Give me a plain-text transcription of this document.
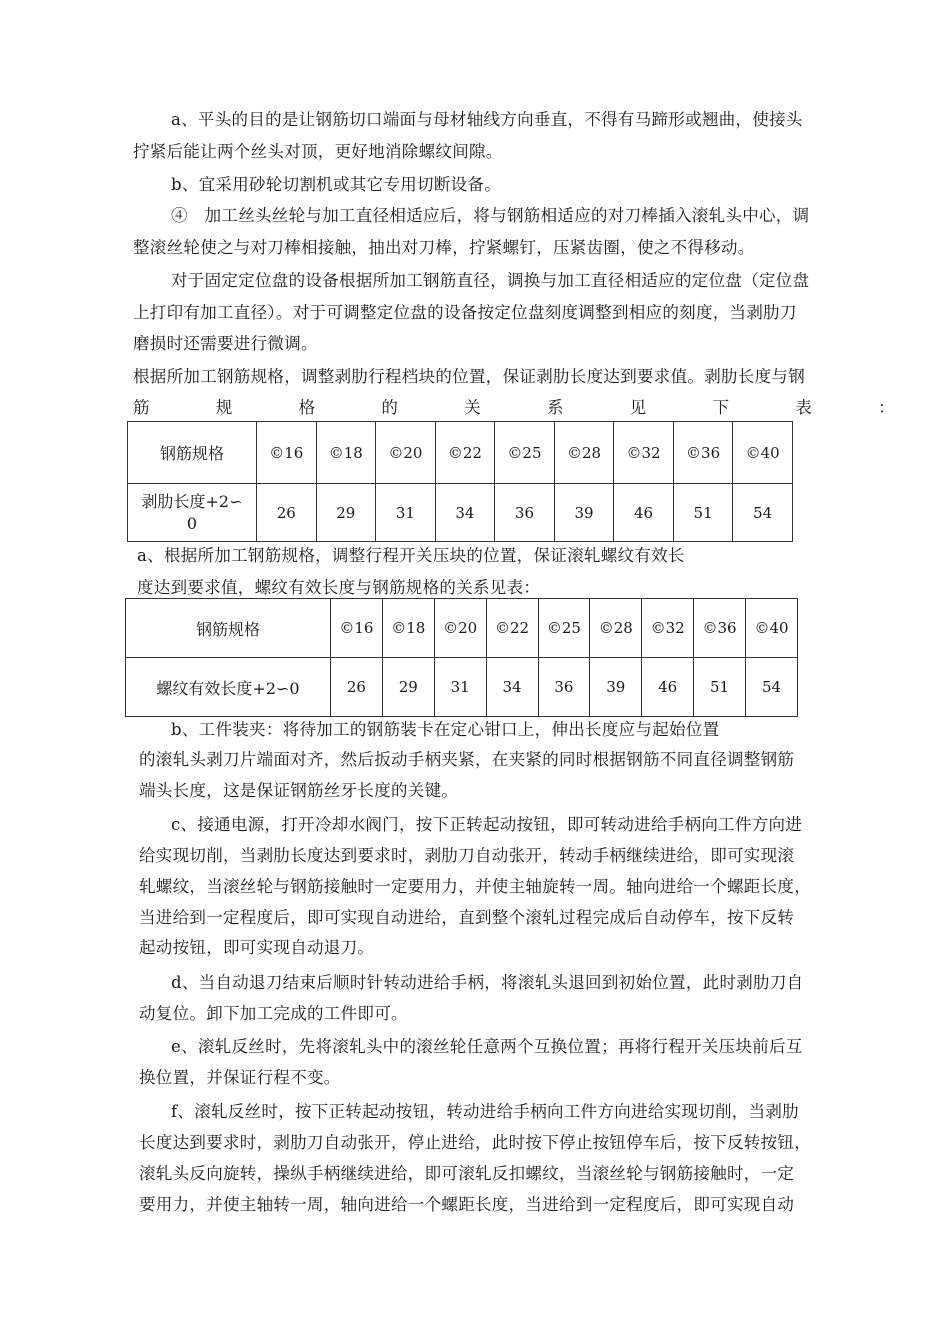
a、平头的目的是让钢筋切口端面与母材轴线方向垂直，不得有马蹄形或翘曲，使接头
拧紧后能让两个丝头对顶，更好地消除螺纹间隙。
b、宜采用砂轮切割机或其它专用切断设备。
④　加工丝头丝轮与加工直径相适应后，将与钢筋相适应的对刀棒插入滚轧头中心，调
整滚丝轮使之与对刀棒相接触，抽出对刀棒，拧紧螺钉，压紧齿圈，使之不得移动。
对于固定定位盘的设备根据所加工钢筋直径，调换与加工直径相适应的定位盘（定位盘
上打印有加工直径）。对于可调整定位盘的设备按定位盘刻度调整到相应的刻度，当剥肋刀
磨损时还需要进行微调。
根据所加工钢筋规格，调整剥肋行程档块的位置，保证剥肋长度达到要求值。剥肋长度与钢
筋	规	格	的	关	系	见	下	表	：
钢筋规格	©16	©18	©20	©22	©25	©28	©32	©36	©40
剥肋长度+2∽
0	26	29	31	34	36	39	46	51	54
a、根据所加工钢筋规格，调整行程开关压块的位置，保证滚轧螺纹有效长
度达到要求值，螺纹有效长度与钢筋规格的关系见表：
钢筋规格	©16	©18	©20	©22	©25	©28	©32	©36	©40
螺纹有效长度+2∽0	26	29	31	34	36	39	46	51	54
b、工件装夹：将待加工的钢筋装卡在定心钳口上，伸出长度应与起始位置
的滚轧头剥刀片端面对齐，然后扳动手柄夹紧，在夹紧的同时根据钢筋不同直径调整钢筋
端头长度，这是保证钢筋丝牙长度的关键。
c、接通电源，打开冷却水阀门，按下正转起动按钮，即可转动进给手柄向工件方向进
给实现切削，当剥肋长度达到要求时，剥肋刀自动张开，转动手柄继续进给，即可实现滚
轧螺纹，当滚丝轮与钢筋接触时一定要用力，并使主轴旋转一周。轴向进给一个螺距长度，
当进给到一定程度后，即可实现自动进给，直到整个滚轧过程完成后自动停车，按下反转
起动按钮，即可实现自动退刀。
d、当自动退刀结束后顺时针转动进给手柄，将滚轧头退回到初始位置，此时剥肋刀自
动复位。卸下加工完成的工件即可。
e、滚轧反丝时，先将滚轧头中的滚丝轮任意两个互换位置；再将行程开关压块前后互
换位置，并保证行程不变。
f、滚轧反丝时，按下正转起动按钮，转动进给手柄向工件方向进给实现切削，当剥肋
长度达到要求时，剥肋刀自动张开，停止进给，此时按下停止按钮停车后，按下反转按钮，
滚轧头反向旋转，操纵手柄继续进给，即可滚轧反扣螺纹，当滚丝轮与钢筋接触时，一定
要用力，并使主轴转一周，轴向进给一个螺距长度，当进给到一定程度后，即可实现自动
